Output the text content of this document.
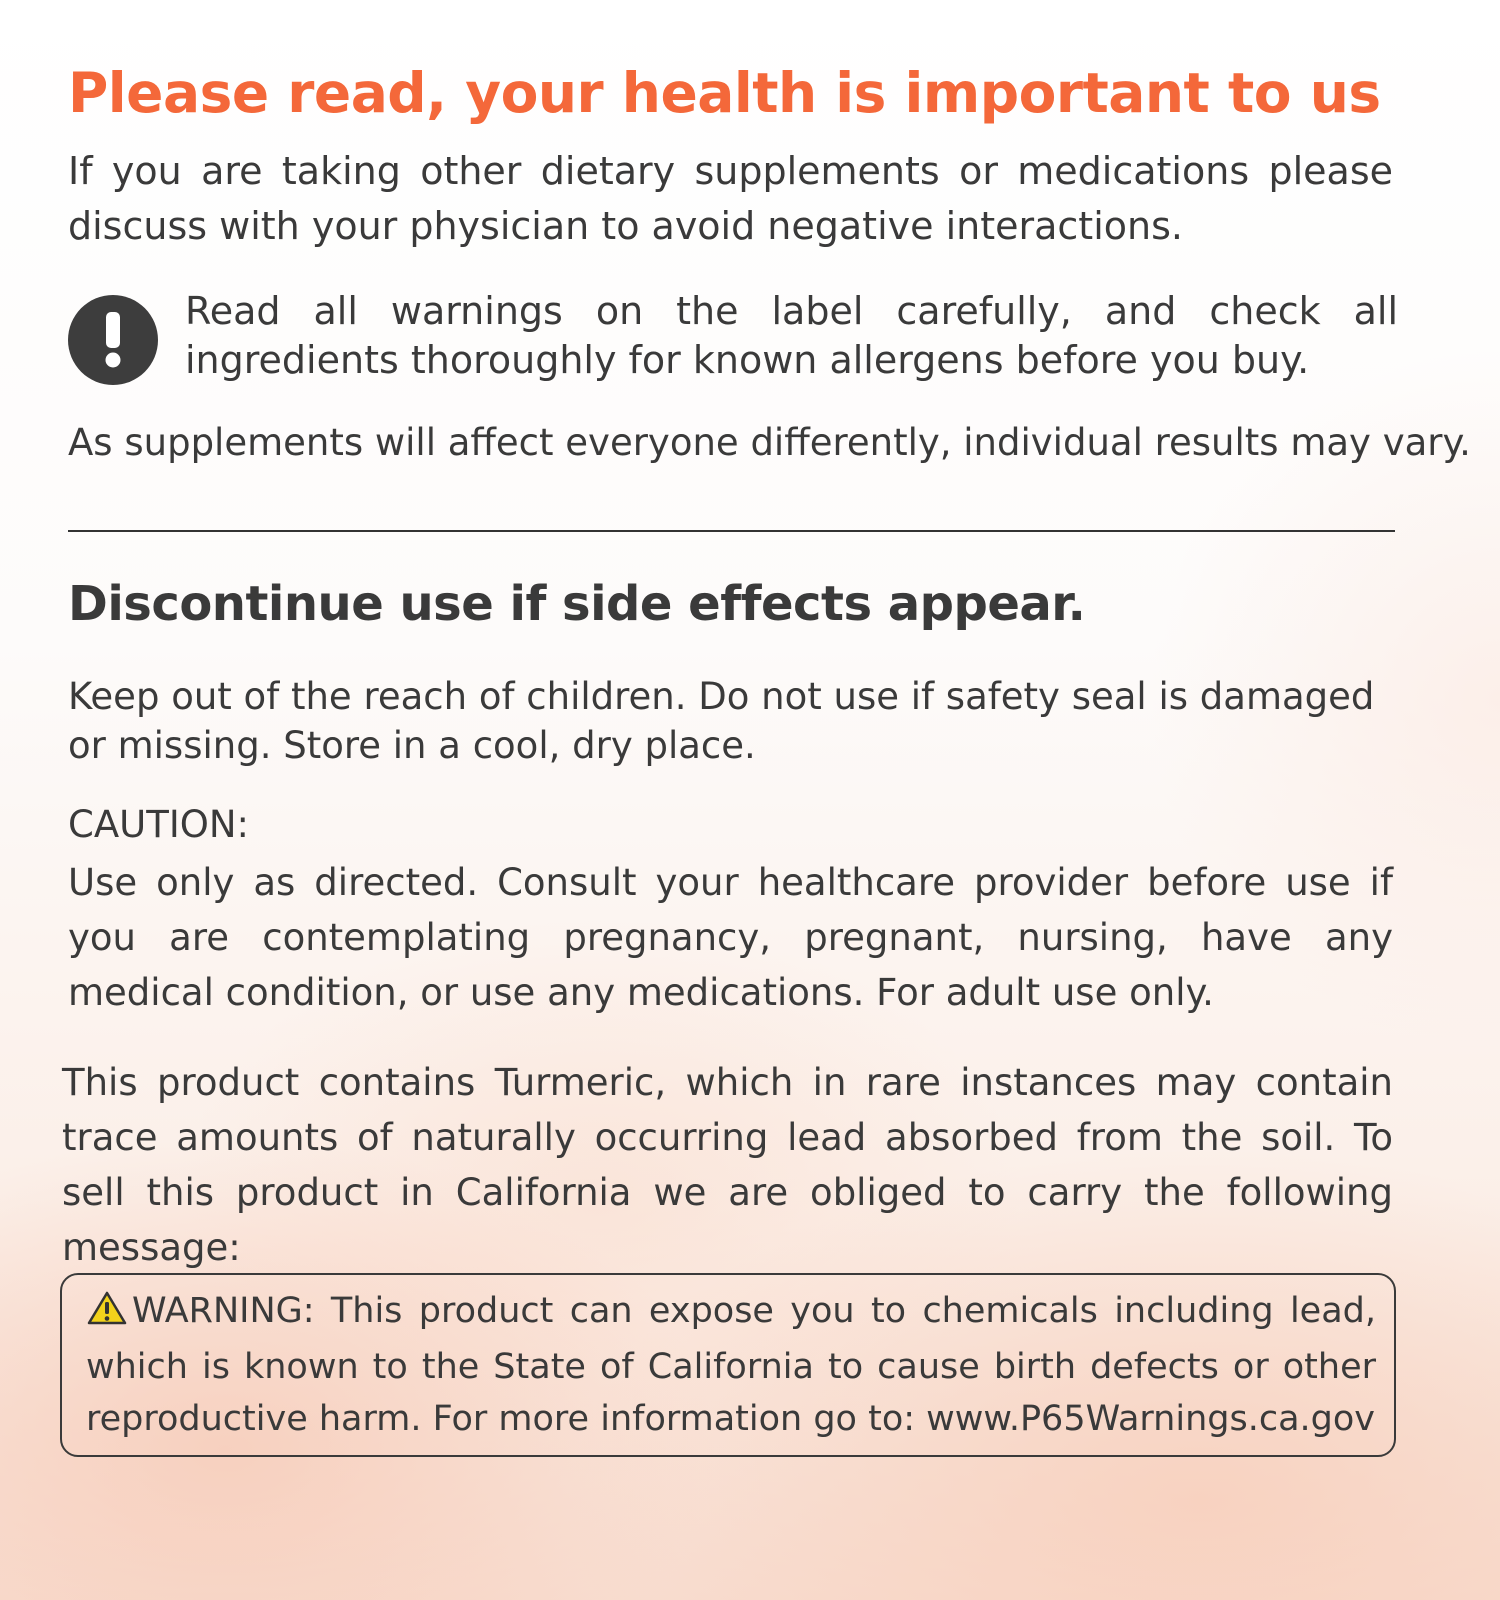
Please read, your health is important to us

If you are taking other dietary supplements or medications please discuss with your physician to avoid negative interactions.

Read all warnings on the label carefully, and check all ingredients thoroughly for known allergens before you buy.

As supplements will affect everyone differently, individual results may vary.

Discontinue use if side effects appear.

Keep out of the reach of children. Do not use if safety seal is damaged or missing. Store in a cool, dry place.

CAUTION:

Use only as directed. Consult your healthcare provider before use if you are contemplating pregnancy, pregnant, nursing, have any medical condition, or use any medications. For adult use only.

This product contains Turmeric, which in rare instances may contain trace amounts of naturally occurring lead absorbed from the soil. To sell this product in California we are obliged to carry the following message:

WARNING: This product can expose you to chemicals including lead, which is known to the State of California to cause birth defects or other reproductive harm. For more information go to: www.P65Warnings.ca.gov
